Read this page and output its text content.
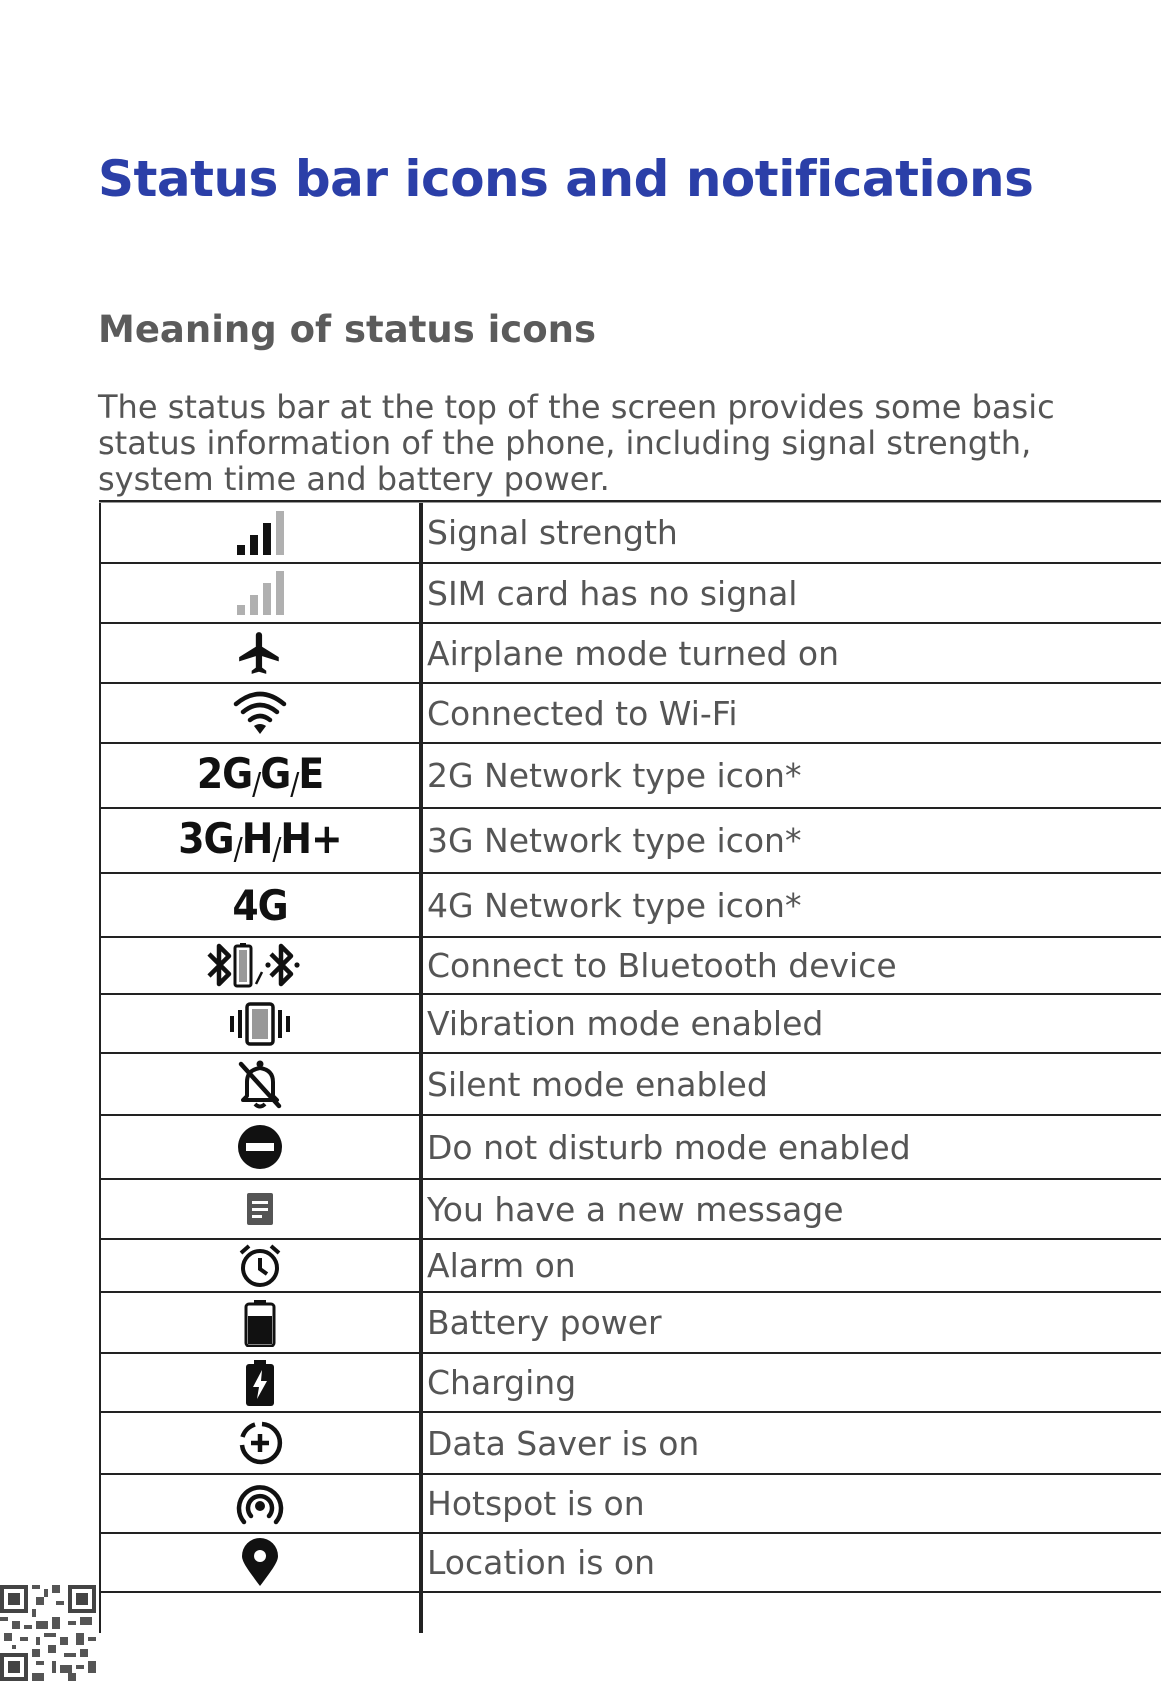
Status bar icons and notifications
Meaning of status icons

The status bar at the top of the screen provides some basic status information of the phone, including signal strength, system time and battery power.

Signal strength
SIM card has no signal
Airplane mode turned on
Connected to Wi-Fi
$2G_/G_/E$	2G Network type icon*
$3G_/H_/H+$	3G Network type icon*
4G	4G Network type icon*
Connect to Bluetooth device
Vibration mode enabled
Silent mode enabled
Do not disturb mode enabled
You have a new message
Alarm on
Battery power
Charging
Data Saver is on
Hotspot is on
Location is on
